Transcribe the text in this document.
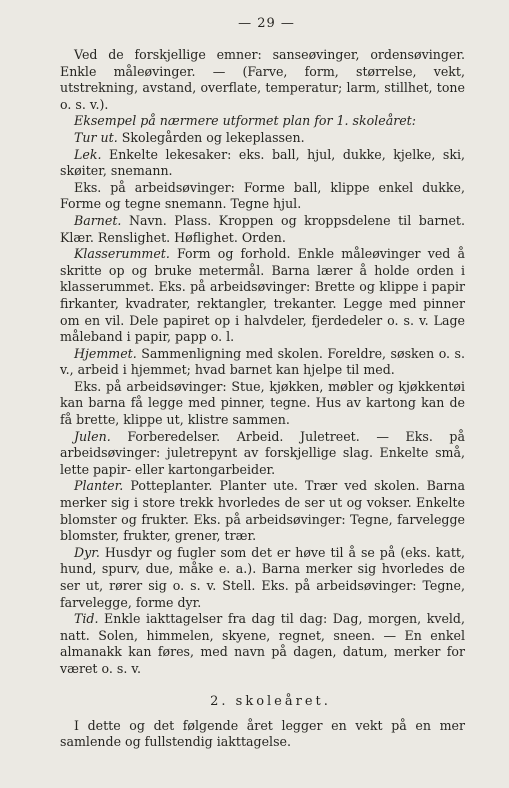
— 29 —

Ved de forskjellige emner: sanseøvinger, ordensøvinger. Enkle måleøvinger. — (Farve, form, størrelse, vekt, utstrekning, avstand, overflate, temperatur; larm, stillhet, tone o. s. v.).

Eksempel på nærmere utformet plan for 1. skoleåret:

Tur ut. Skolegården og lekeplassen.

Lek. Enkelte lekesaker: eks. ball, hjul, dukke, kjelke, ski, skøiter, snemann.

Eks. på arbeidsøvinger: Forme ball, klippe enkel dukke, Forme og tegne snemann. Tegne hjul.

Barnet. Navn. Plass. Kroppen og kroppsdelene til barnet. Klær. Renslighet. Høflighet. Orden.

Klasserummet. Form og forhold. Enkle måleøvinger ved å skritte op og bruke metermål. Barna lærer å holde orden i klasserummet. Eks. på arbeidsøvinger: Brette og klippe i papir firkanter, kvadrater, rektangler, trekanter. Legge med pinner om en vil. Dele papiret op i halvdeler, fjerdedeler o. s. v. Lage måleband i papir, papp o. l.

Hjemmet. Sammenligning med skolen. Foreldre, søsken o. s. v., arbeid i hjemmet; hvad barnet kan hjelpe til med.

Eks. på arbeidsøvinger: Stue, kjøkken, møbler og kjøkkentøi kan barna få legge med pinner, tegne. Hus av kartong kan de få brette, klippe ut, klistre sammen.

Julen. Forberedelser. Arbeid. Juletreet. — Eks. på arbeidsøvinger: juletrepynt av forskjellige slag. Enkelte små, lette papir- eller kartongarbeider.

Planter. Potteplanter. Planter ute. Trær ved skolen. Barna merker sig i store trekk hvorledes de ser ut og vokser. Enkelte blomster og frukter. Eks. på arbeidsøvinger: Tegne, farvelegge blomster, frukter, grener, trær.

Dyr. Husdyr og fugler som det er høve til å se på (eks. katt, hund, spurv, due, måke e. a.). Barna merker sig hvorledes de ser ut, rører sig o. s. v. Stell. Eks. på arbeidsøvinger: Tegne, farvelegge, forme dyr.

Tid. Enkle iakttagelser fra dag til dag: Dag, morgen, kveld, natt. Solen, himmelen, skyene, regnet, sneen. — En enkel almanakk kan føres, med navn på dagen, datum, merker for været o. s. v.

2. skoleåret.

I dette og det følgende året legger en vekt på en mer samlende og fullstendig iakttagelse.
